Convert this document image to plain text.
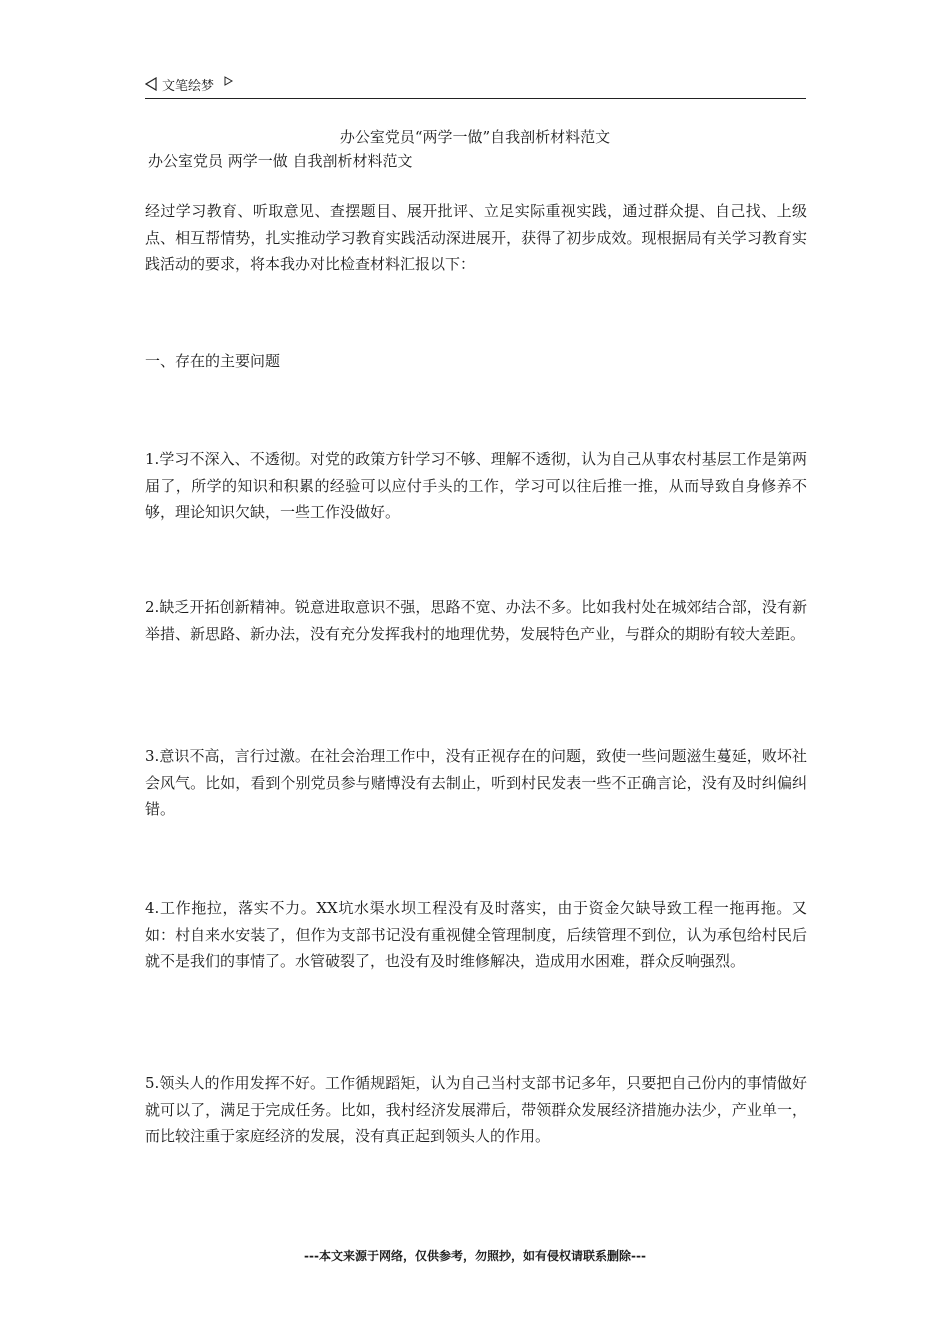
文笔绘梦
办公室党员“两学一做”自我剖析材料范文
办公室党员 两学一做 自我剖析材料范文

经过学习教育、听取意见、查摆题目、展开批评、立足实际重视实践，通过群众提、自己找、上级点、相互帮情势，扎实推动学习教育实践活动深进展开，获得了初步成效。现根据局有关学习教育实践活动的要求，将本我办对比检查材料汇报以下：

一、存在的主要问题

1.学习不深入、不透彻。对党的政策方针学习不够、理解不透彻，认为自己从事农村基层工作是第两届了，所学的知识和积累的经验可以应付手头的工作，学习可以往后推一推，从而导致自身修养不够，理论知识欠缺，一些工作没做好。

2.缺乏开拓创新精神。锐意进取意识不强，思路不宽、办法不多。比如我村处在城郊结合部，没有新举措、新思路、新办法，没有充分发挥我村的地理优势，发展特色产业，与群众的期盼有较大差距。

3.意识不高，言行过激。在社会治理工作中，没有正视存在的问题，致使一些问题滋生蔓延，败坏社会风气。比如，看到个别党员参与赌博没有去制止，听到村民发表一些不正确言论，没有及时纠偏纠错。

4.工作拖拉，落实不力。XX坑水渠水坝工程没有及时落实，由于资金欠缺导致工程一拖再拖。又如：村自来水安装了，但作为支部书记没有重视健全管理制度，后续管理不到位，认为承包给村民后就不是我们的事情了。水管破裂了，也没有及时维修解决，造成用水困难，群众反响强烈。

5.领头人的作用发挥不好。工作循规蹈矩，认为自己当村支部书记多年，只要把自己份内的事情做好就可以了，满足于完成任务。比如，我村经济发展滞后，带领群众发展经济措施办法少，产业单一，而比较注重于家庭经济的发展，没有真正起到领头人的作用。

---本文来源于网络，仅供参考，勿照抄，如有侵权请联系删除---
